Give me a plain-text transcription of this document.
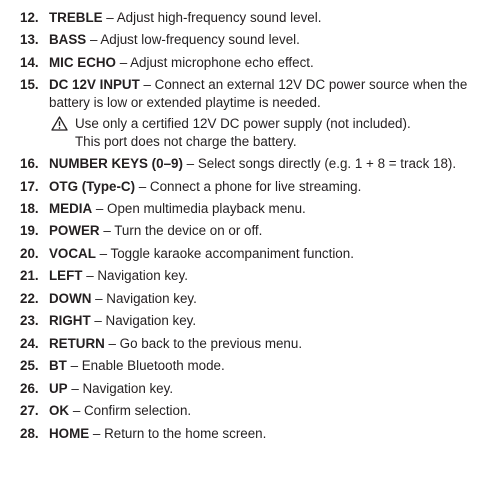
12. TREBLE – Adjust high-frequency sound level.
13. BASS – Adjust low-frequency sound level.
14. MIC ECHO – Adjust microphone echo effect.
15. DC 12V INPUT – Connect an external 12V DC power source when the battery is low or extended playtime is needed.
Use only a certified 12V DC power supply (not included).
This port does not charge the battery.
16. NUMBER KEYS (0–9) – Select songs directly (e.g. 1 + 8 = track 18).
17. OTG (Type-C) – Connect a phone for live streaming.
18. MEDIA – Open multimedia playback menu.
19. POWER – Turn the device on or off.
20. VOCAL – Toggle karaoke accompaniment function.
21. LEFT – Navigation key.
22. DOWN – Navigation key.
23. RIGHT – Navigation key.
24. RETURN – Go back to the previous menu.
25. BT – Enable Bluetooth mode.
26. UP – Navigation key.
27. OK – Confirm selection.
28. HOME – Return to the home screen.
